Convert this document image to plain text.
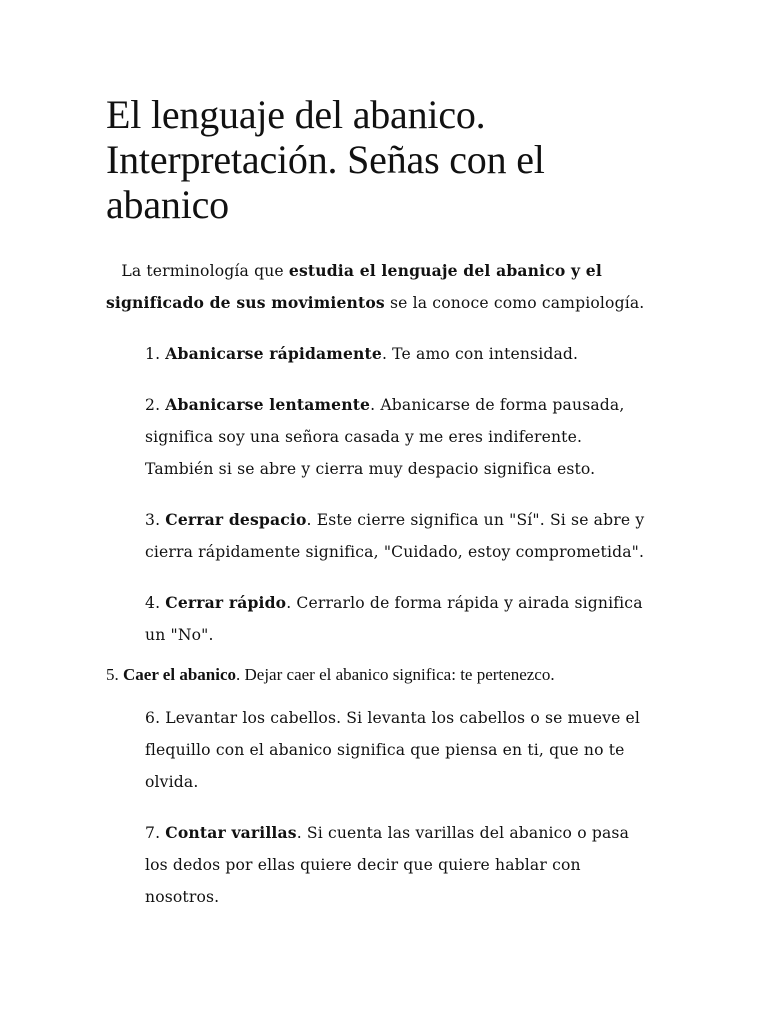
El lenguaje del abanico.
Interpretación. Señas con el
abanico
La terminología que estudia el lenguaje del abanico y el
significado de sus movimientos se la conoce como campiología.
1. Abanicarse rápidamente. Te amo con intensidad.
2. Abanicarse lentamente. Abanicarse de forma pausada,
significa soy una señora casada y me eres indiferente.
También si se abre y cierra muy despacio significa esto.
3. Cerrar despacio. Este cierre significa un "Sí". Si se abre y
cierra rápidamente significa, "Cuidado, estoy comprometida".
4. Cerrar rápido. Cerrarlo de forma rápida y airada significa
un "No".
5. Caer el abanico. Dejar caer el abanico significa: te pertenezco.
6. Levantar los cabellos. Si levanta los cabellos o se mueve el
flequillo con el abanico significa que piensa en ti, que no te
olvida.
7. Contar varillas. Si cuenta las varillas del abanico o pasa
los dedos por ellas quiere decir que quiere hablar con
nosotros.
